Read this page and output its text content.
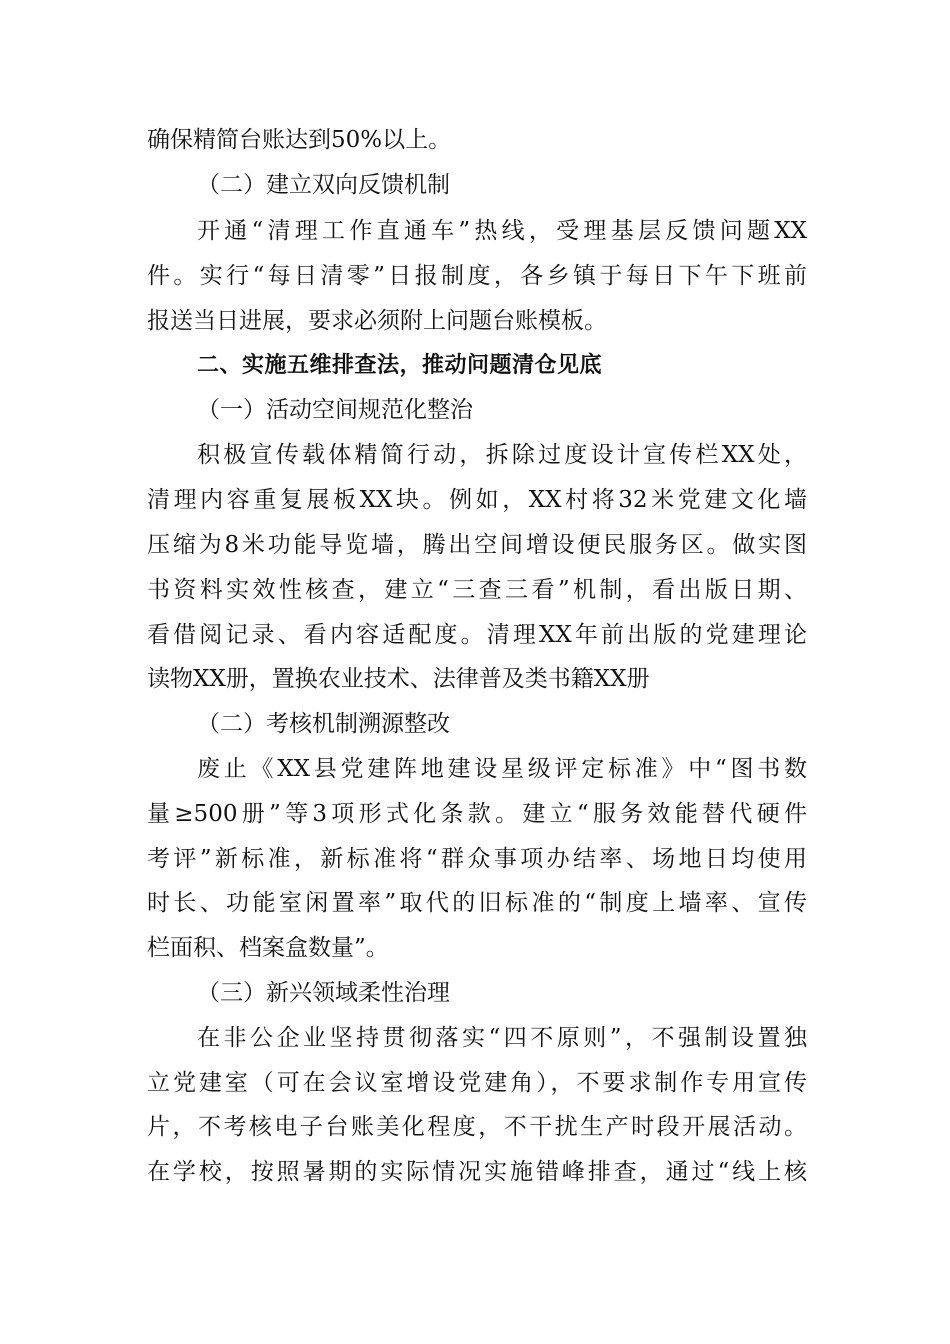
确保精简台账达到50%以上。
（二）建立双向反馈机制
开通“清理工作直通车”热线，受理基层反馈问题XX
件。实行“每日清零”日报制度，各乡镇于每日下午下班前
报送当日进展，要求必须附上问题台账模板。
二、实施五维排查法，推动问题清仓见底
（一）活动空间规范化整治
积极宣传载体精简行动，拆除过度设计宣传栏XX处，
清理内容重复展板XX块。例如，XX村将32米党建文化墙
压缩为8米功能导览墙，腾出空间增设便民服务区。做实图
书资料实效性核查，建立“三查三看”机制，看出版日期、
看借阅记录、看内容适配度。清理XX年前出版的党建理论
读物XX册，置换农业技术、法律普及类书籍XX册
（二）考核机制溯源整改
废止《XX县党建阵地建设星级评定标准》中“图书数
量≥500册”等3项形式化条款。建立“服务效能替代硬件
考评”新标准，新标准将“群众事项办结率、场地日均使用
时长、功能室闲置率”取代的旧标准的“制度上墙率、宣传
栏面积、档案盒数量”。
（三）新兴领域柔性治理
在非公企业坚持贯彻落实“四不原则”，不强制设置独
立党建室（可在会议室增设党建角），不要求制作专用宣传
片，不考核电子台账美化程度，不干扰生产时段开展活动。
在学校，按照暑期的实际情况实施错峰排查，通过“线上核
